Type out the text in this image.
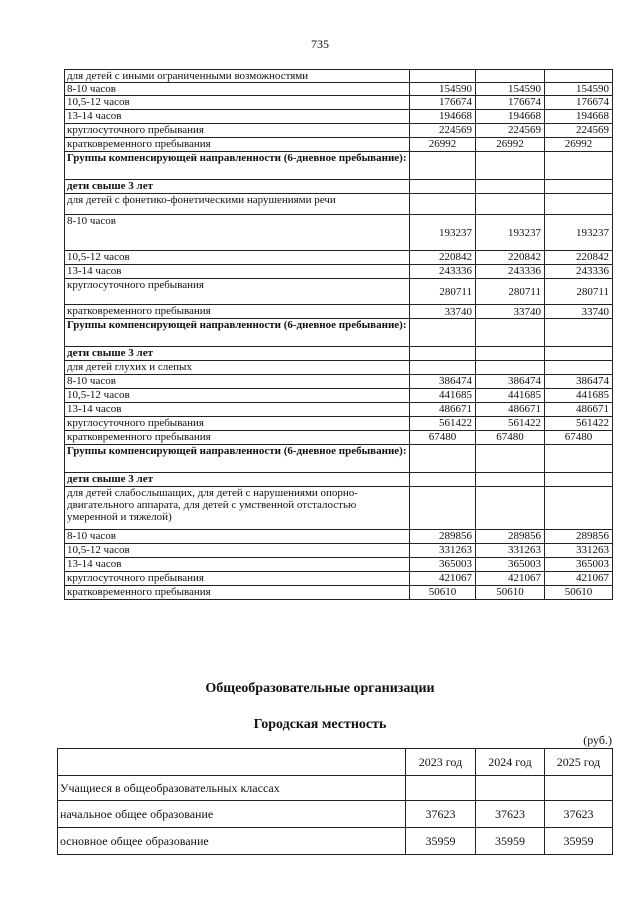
735
для детей с иными ограниченными возможностями			
8-10 часов	154590	154590	154590
10,5-12 часов	176674	176674	176674
13-14 часов	194668	194668	194668
круглосуточного пребывания	224569	224569	224569
кратковременного пребывания	26992	26992	26992
Группы компенсирующей направленности (6-дневное пребывание):			
дети свыше 3 лет			
для детей с фонетико-фонетическими нарушениями речи			
8-10 часов	193237	193237	193237
10,5-12 часов	220842	220842	220842
13-14 часов	243336	243336	243336
круглосуточного пребывания	280711	280711	280711
кратковременного пребывания	33740	33740	33740
Группы компенсирующей направленности (6-дневное пребывание):			
дети свыше 3 лет			
для детей глухих и слепых			
8-10 часов	386474	386474	386474
10,5-12 часов	441685	441685	441685
13-14 часов	486671	486671	486671
круглосуточного пребывания	561422	561422	561422
кратковременного пребывания	67480	67480	67480
Группы компенсирующей направленности (6-дневное пребывание):			
дети свыше 3 лет			
для детей слабослышащих, для детей с нарушениями опорно-двигательного аппарата, для детей с умственной отсталостью умеренной и тяжелой)			
8-10 часов	289856	289856	289856
10,5-12 часов	331263	331263	331263
13-14 часов	365003	365003	365003
круглосуточного пребывания	421067	421067	421067
кратковременного пребывания	50610	50610	50610
Общеобразовательные организации
Городская местность
(руб.)
	2023 год	2024 год	2025 год
Учащиеся в общеобразовательных классах			
начальное общее образование	37623	37623	37623
основное общее образование	35959	35959	35959
